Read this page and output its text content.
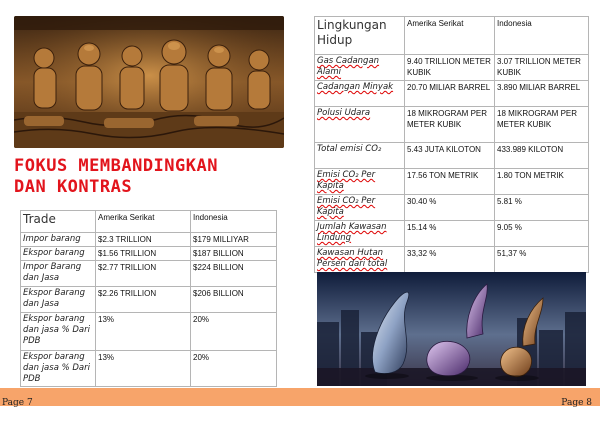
FOKUS MEMBANDINGKAN
DAN KONTRAS
Trade	Amerika Serikat	Indonesia
Impor barang	$2.3 TRILLION	$179 MILLIYAR
Ekspor barang	$1.56 TRILLION	$187 BILLION
Impor Barang dan Jasa	$2.77 TRILLION	$224 BILLION
Ekspor Barang dan Jasa	$2.26 TRILLION	$206 BILLION
Ekspor barang dan jasa % Dari PDB	13%	20%
Ekspor barang dan jasa % Dari PDB	13%	20%
Lingkungan Hidup	Amerika Serikat	Indonesia
Gas Cadangan Alami	9.40 TRILLION METER KUBIK	3.07 TRILLION METER KUBIK
Cadangan Minyak	20.70 MILIAR BARREL	3.890 MILIAR BARREL
Polusi Udara	18 MIKROGRAM PER METER KUBIK	18 MIKROGRAM PER METER KUBIK
Total emisi CO₂	5.43 JUTA KILOTON	433.989 KILOTON
Emisi CO₂ Per Kapita	17.56 TON METRIK	1.80 TON METRIK
Emisi CO₂ Per Kapita	30.40 %	5.81 %
Jumlah Kawasan Lindung	15.14 %	9.05 %
Kawasan Hutan Persen dari total	33,32 %	51,37 %
Page 7	Page 8
